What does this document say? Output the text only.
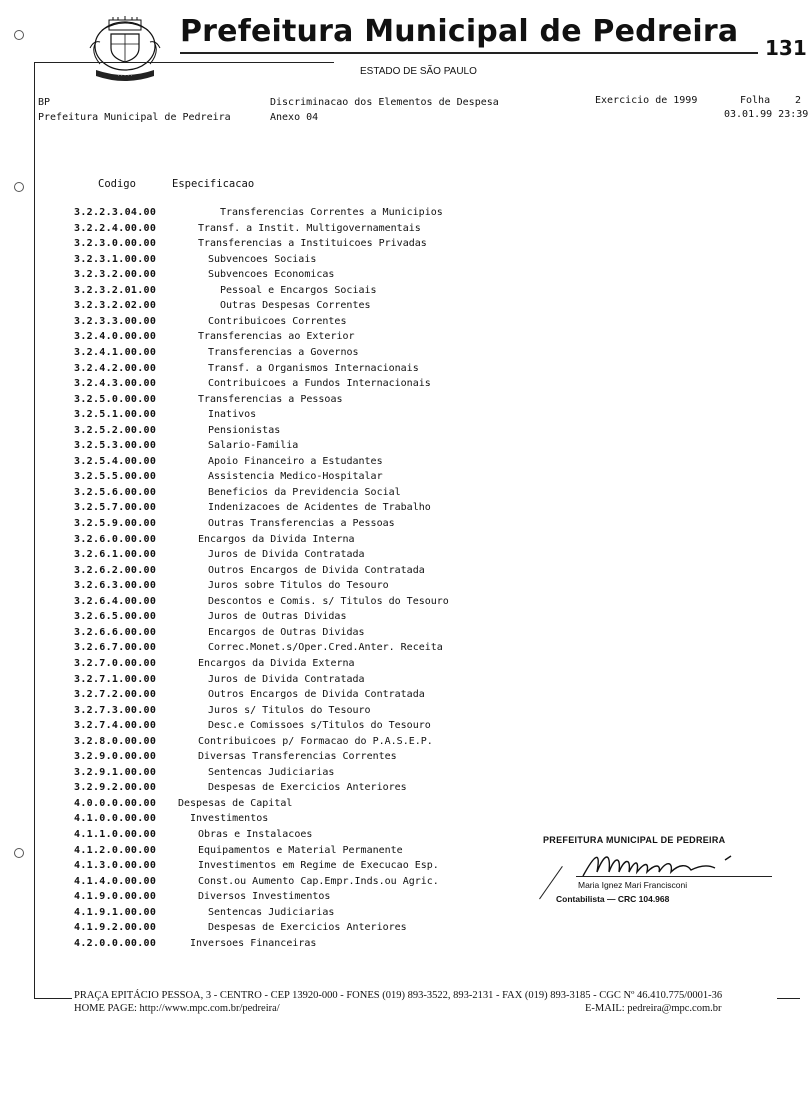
· · · · ·
Prefeitura Municipal de Pedreira 131
ESTADO DE SÃO PAULO
BP
Prefeitura Municipal de Pedreira
Discriminacao dos Elementos de Despesa
Anexo 04
Exercicio de 1999	Folha 2
03.01.99 23:39
Codigo	Especificacao
3.2.2.3.04.00	Transferencias Correntes a Municipios
3.2.2.4.00.00	Transf. a Instit. Multigovernamentais
3.2.3.0.00.00	Transferencias a Instituicoes Privadas
3.2.3.1.00.00	Subvencoes Sociais
3.2.3.2.00.00	Subvencoes Economicas
3.2.3.2.01.00	Pessoal e Encargos Sociais
3.2.3.2.02.00	Outras Despesas Correntes
3.2.3.3.00.00	Contribuicoes Correntes
3.2.4.0.00.00	Transferencias ao Exterior
3.2.4.1.00.00	Transferencias a Governos
3.2.4.2.00.00	Transf. a Organismos Internacionais
3.2.4.3.00.00	Contribuicoes a Fundos Internacionais
3.2.5.0.00.00	Transferencias a Pessoas
3.2.5.1.00.00	Inativos
3.2.5.2.00.00	Pensionistas
3.2.5.3.00.00	Salario-Familia
3.2.5.4.00.00	Apoio Financeiro a Estudantes
3.2.5.5.00.00	Assistencia Medico-Hospitalar
3.2.5.6.00.00	Beneficios da Previdencia Social
3.2.5.7.00.00	Indenizacoes de Acidentes de Trabalho
3.2.5.9.00.00	Outras Transferencias a Pessoas
3.2.6.0.00.00	Encargos da Divida Interna
3.2.6.1.00.00	Juros de Divida Contratada
3.2.6.2.00.00	Outros Encargos de Divida Contratada
3.2.6.3.00.00	Juros sobre Titulos do Tesouro
3.2.6.4.00.00	Descontos e Comis. s/ Titulos do Tesouro
3.2.6.5.00.00	Juros de Outras Dividas
3.2.6.6.00.00	Encargos de Outras Dividas
3.2.6.7.00.00	Correc.Monet.s/Oper.Cred.Anter. Receita
3.2.7.0.00.00	Encargos da Divida Externa
3.2.7.1.00.00	Juros de Divida Contratada
3.2.7.2.00.00	Outros Encargos de Divida Contratada
3.2.7.3.00.00	Juros s/ Titulos do Tesouro
3.2.7.4.00.00	Desc.e Comissoes s/Titulos do Tesouro
3.2.8.0.00.00	Contribuicoes p/ Formacao do P.A.S.E.P.
3.2.9.0.00.00	Diversas Transferencias Correntes
3.2.9.1.00.00	Sentencas Judiciarias
3.2.9.2.00.00	Despesas de Exercicios Anteriores
4.0.0.0.00.00 Despesas de Capital
4.1.0.0.00.00	Investimentos
4.1.1.0.00.00	Obras e Instalacoes
4.1.2.0.00.00	Equipamentos e Material Permanente
4.1.3.0.00.00	Investimentos em Regime de Execucao Esp.
4.1.4.0.00.00	Const.ou Aumento Cap.Empr.Inds.ou Agric.
4.1.9.0.00.00	Diversos Investimentos
4.1.9.1.00.00	Sentencas Judiciarias
4.1.9.2.00.00	Despesas de Exercicios Anteriores
4.2.0.0.00.00	Inversoes Financeiras
PREFEITURA MUNICIPAL DE PEDREIRA
Maria Ignez Mari Francisconi
Contabilista — CRC 104.968
PRAÇA EPITÁCIO PESSOA, 3 - CENTRO - CEP 13920-000 - FONES (019) 893-3522, 893-2131 - FAX (019) 893-3185 - CGC Nº 46.410.775/0001-36
HOME PAGE: http://www.mpc.com.br/pedreira/	E-MAIL: pedreira@mpc.com.br
